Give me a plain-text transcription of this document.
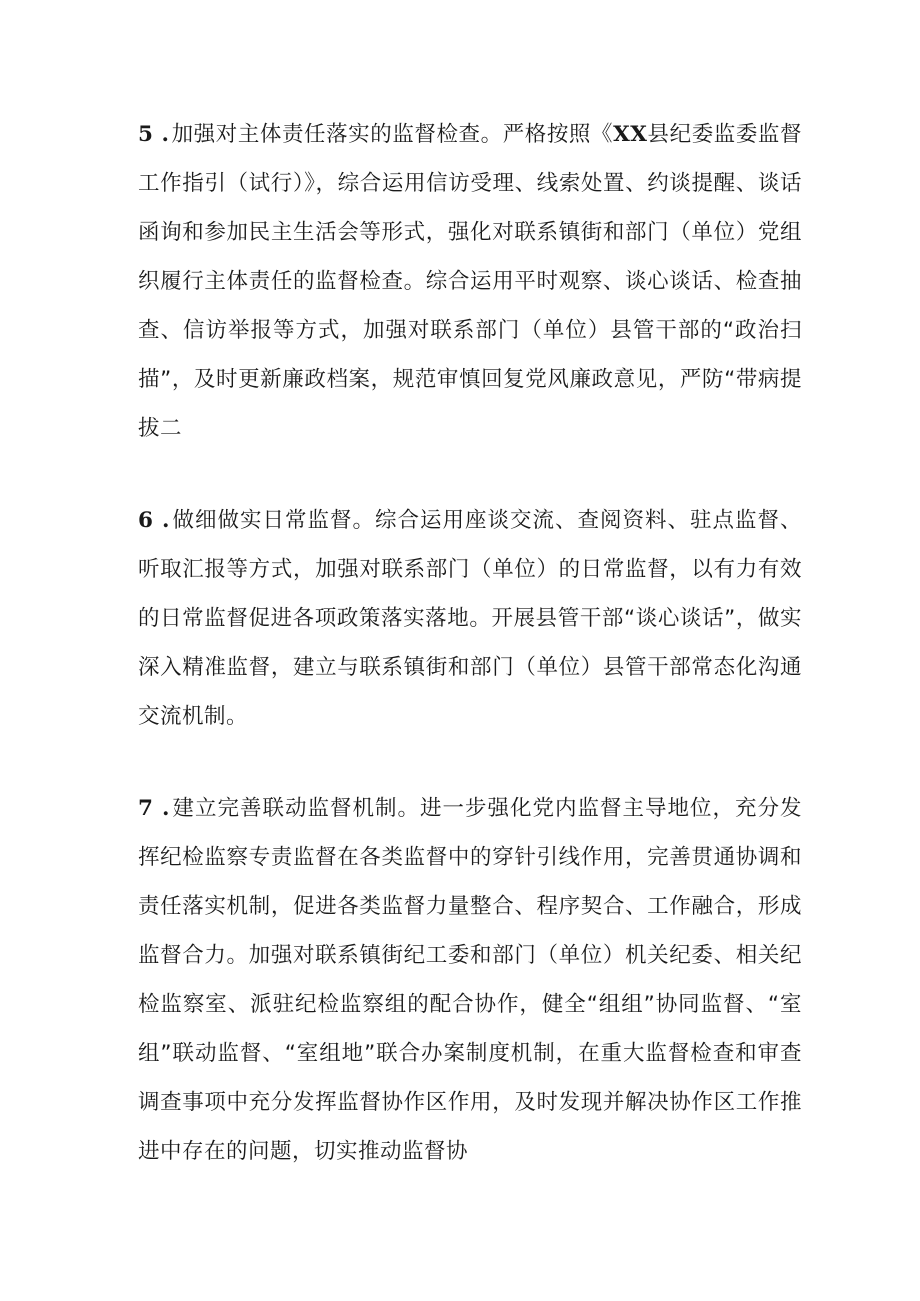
5 .加强对主体责任落实的监督检查。严格按照《XX县纪委监委监督工作指引（试行）》，综合运用信访受理、线索处置、约谈提醒、谈话函询和参加民主生活会等形式，强化对联系镇街和部门（单位）党组织履行主体责任的监督检查。综合运用平时观察、谈心谈话、检查抽查、信访举报等方式，加强对联系部门（单位）县管干部的“政治扫描”，及时更新廉政档案，规范审慎回复党风廉政意见，严防“带病提拔二

6 .做细做实日常监督。综合运用座谈交流、查阅资料、驻点监督、听取汇报等方式，加强对联系部门（单位）的日常监督，以有力有效的日常监督促进各项政策落实落地。开展县管干部“谈心谈话”，做实深入精准监督，建立与联系镇街和部门（单位）县管干部常态化沟通交流机制。

7 .建立完善联动监督机制。进一步强化党内监督主导地位，充分发挥纪检监察专责监督在各类监督中的穿针引线作用，完善贯通协调和责任落实机制，促进各类监督力量整合、程序契合、工作融合，形成监督合力。加强对联系镇街纪工委和部门（单位）机关纪委、相关纪检监察室、派驻纪检监察组的配合协作，健全“组组”协同监督、“室组”联动监督、“室组地”联合办案制度机制，在重大监督检查和审查调查事项中充分发挥监督协作区作用，及时发现并解决协作区工作推进中存在的问题，切实推动监督协
